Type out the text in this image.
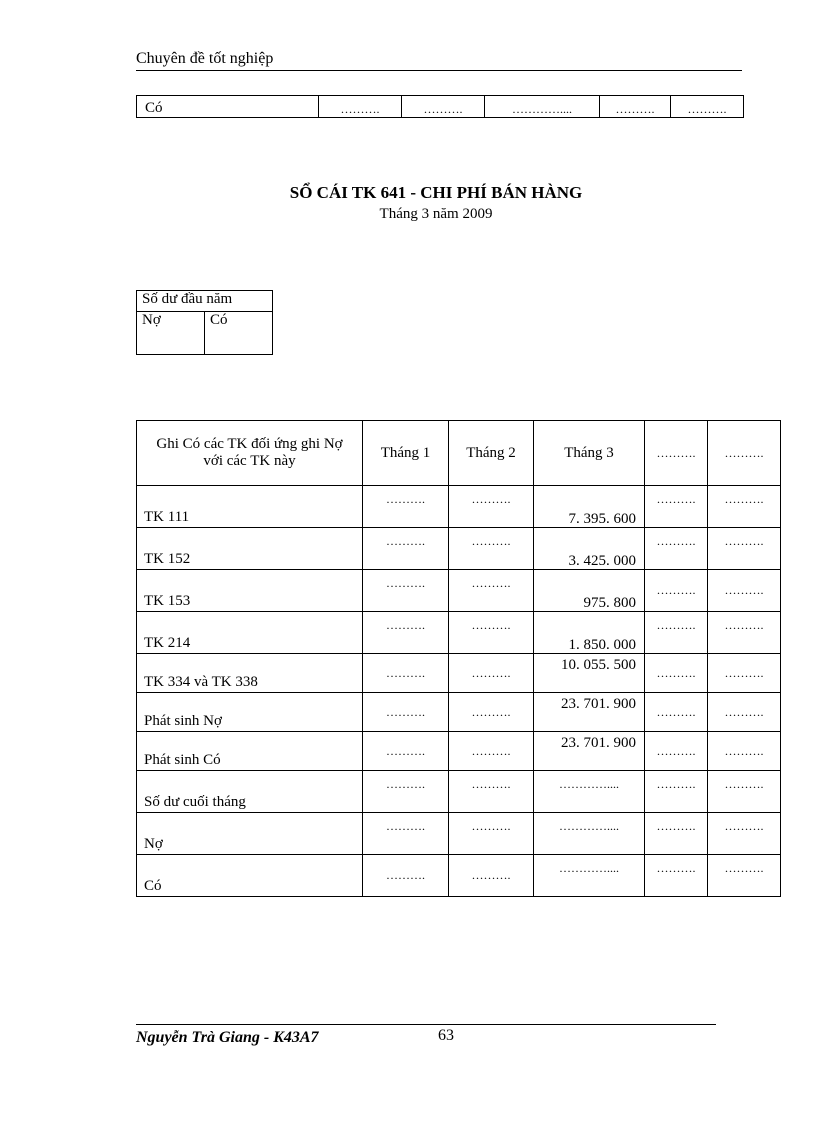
Chuyên đề tốt nghiệp
Có	……….	……….	…………....	……….	……….
SỔ CÁI TK 641 - CHI PHÍ BÁN HÀNG
Tháng 3 năm 2009
Số dư đầu năm
Nợ	Có
Ghi Có các TK đối ứng ghi Nợ với các TK này	Tháng 1	Tháng 2	Tháng 3	……….	……….
TK 111	……….	……….	7. 395. 600	……….	……….
TK 152	……….	……….	3. 425. 000	……….	……….
TK 153	……….	……….	975. 800	……….	……….
TK 214	……….	……….	1. 850. 000	……….	……….
TK 334 và TK 338	……….	……….	10. 055. 500	……….	……….
Phát sinh Nợ	……….	……….	23. 701. 900	……….	……….
Phát sinh Có	……….	……….	23. 701. 900	……….	……….
Số dư cuối tháng	……….	……….	…………....	……….	……….
Nợ	……….	……….	…………....	……….	……….
Có	……….	……….	…………....	……….	……….
Nguyễn Trà Giang - K43A7	63
